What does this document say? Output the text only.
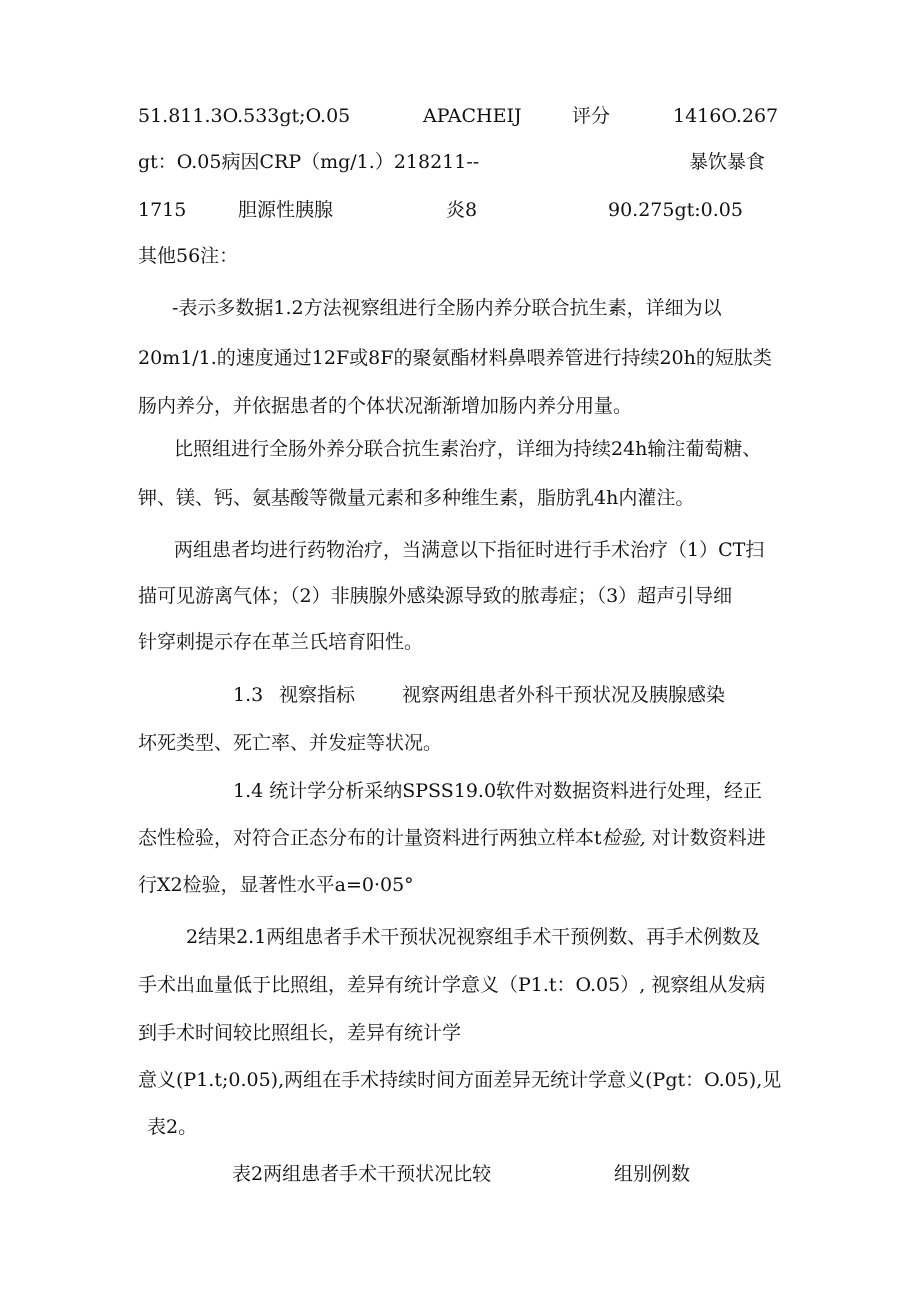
51.811.3O.533gt;O.05	APACHEIJ	评分	1416O.267
gt：O.05病因CRP（mg/1.）218211--	暴饮暴食
1715	胆源性胰腺	炎8	90.275gt:0.05
其他56注：
-表示多数据1.2方法视察组进行全肠内养分联合抗生素，详细为以
20m1/1.的速度通过12F或8F的聚氨酯材料鼻喂养管进行持续20h的短肽类
肠内养分，并依据患者的个体状况渐渐增加肠内养分用量。
比照组进行全肠外养分联合抗生素治疗，详细为持续24h输注葡萄糖、
钾、镁、钙、氨基酸等微量元素和多种维生素，脂肪乳4h内灌注。
两组患者均进行药物治疗，当满意以下指征时进行手术治疗（1）CT扫
描可见游离气体；（2）非胰腺外感染源导致的脓毒症；（3）超声引导细
针穿刺提示存在革兰氏培育阳性。
1.3 视察指标 视察两组患者外科干预状况及胰腺感染
坏死类型、死亡率、并发症等状况。
1.4 统计学分析采纳SPSS19.0软件对数据资料进行处理，经正
态性检验，对符合正态分布的计量资料进行两独立样本t检验, 对计数资料进
行X2检验，显著性水平a=0·05°
2结果2.1两组患者手术干预状况视察组手术干预例数、再手术例数及
手术出血量低于比照组，差异有统计学意义（P1.t：O.05）, 视察组从发病
到手术时间较比照组长，差异有统计学
意义(P1.t;0.05),两组在手术持续时间方面差异无统计学意义(Pgt：O.05),见
表2。
表2两组患者手术干预状况比较	组别例数
